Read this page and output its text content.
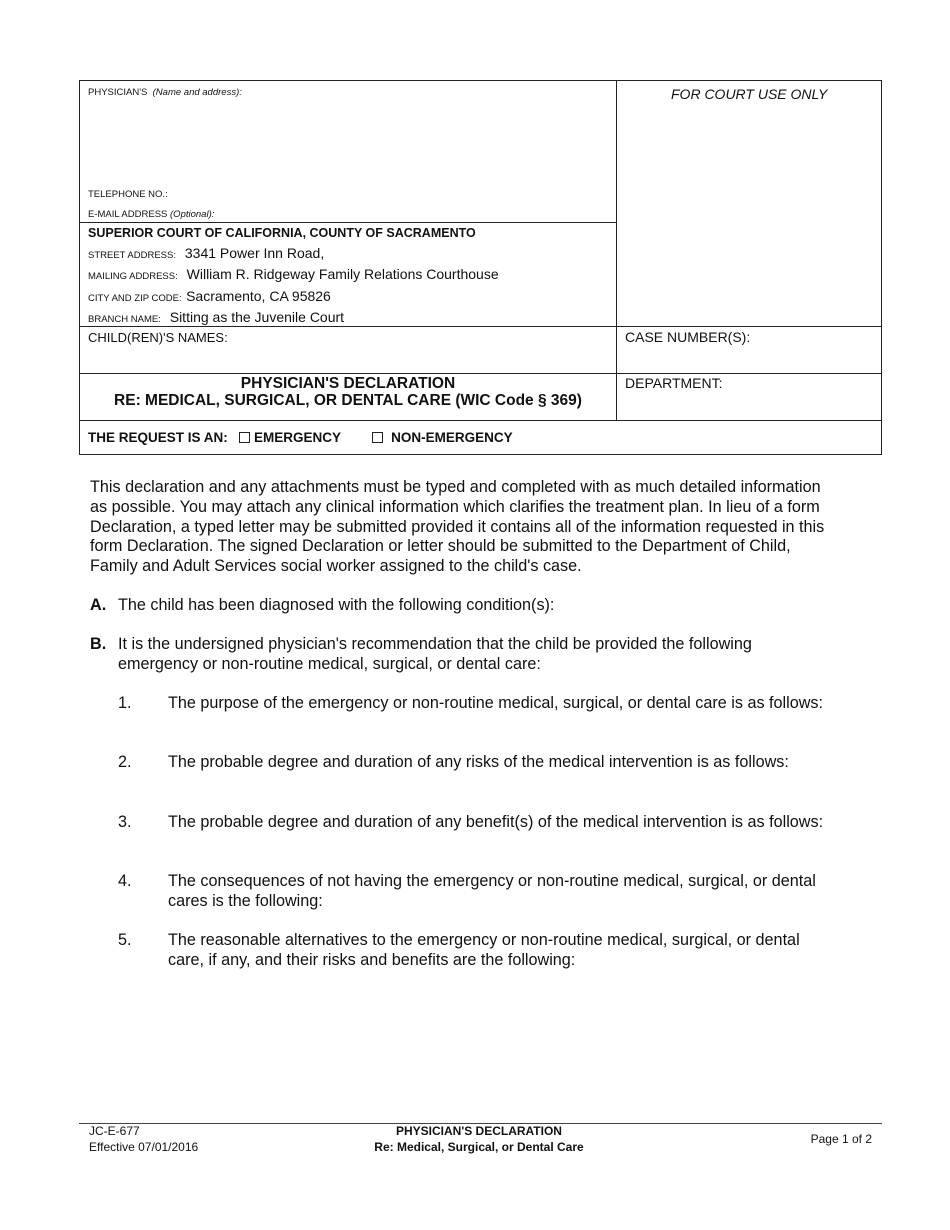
PHYSICIAN'S (Name and address):
TELEPHONE NO.:
E-MAIL ADDRESS (Optional):
FOR COURT USE ONLY
SUPERIOR COURT OF CALIFORNIA, COUNTY OF SACRAMENTO
STREET ADDRESS: 3341 Power Inn Road,
MAILING ADDRESS: William R. Ridgeway Family Relations Courthouse
CITY AND ZIP CODE: Sacramento, CA 95826
BRANCH NAME: Sitting as the Juvenile Court
CHILD(REN)'S NAMES:	CASE NUMBER(S):
DEPARTMENT:
PHYSICIAN'S DECLARATION
RE: MEDICAL, SURGICAL, OR DENTAL CARE (WIC Code § 369)
THE REQUEST IS AN: EMERGENCY	NON-EMERGENCY
This declaration and any attachments must be typed and completed with as much detailed information
as possible. You may attach any clinical information which clarifies the treatment plan. In lieu of a form
Declaration, a typed letter may be submitted provided it contains all of the information requested in this
form Declaration. The signed Declaration or letter should be submitted to the Department of Child,
Family and Adult Services social worker assigned to the child's case.
A. The child has been diagnosed with the following condition(s):
B. It is the undersigned physician's recommendation that the child be provided the following
emergency or non-routine medical, surgical, or dental care:
1. The purpose of the emergency or non-routine medical, surgical, or dental care is as follows:
2. The probable degree and duration of any risks of the medical intervention is as follows:
3. The probable degree and duration of any benefit(s) of the medical intervention is as follows:
4. The consequences of not having the emergency or non-routine medical, surgical, or dental
cares is the following:
5. The reasonable alternatives to the emergency or non-routine medical, surgical, or dental
care, if any, and their risks and benefits are the following:
JC-E-677
Effective 07/01/2016
PHYSICIAN'S DECLARATION
Re: Medical, Surgical, or Dental Care
Page 1 of 2
